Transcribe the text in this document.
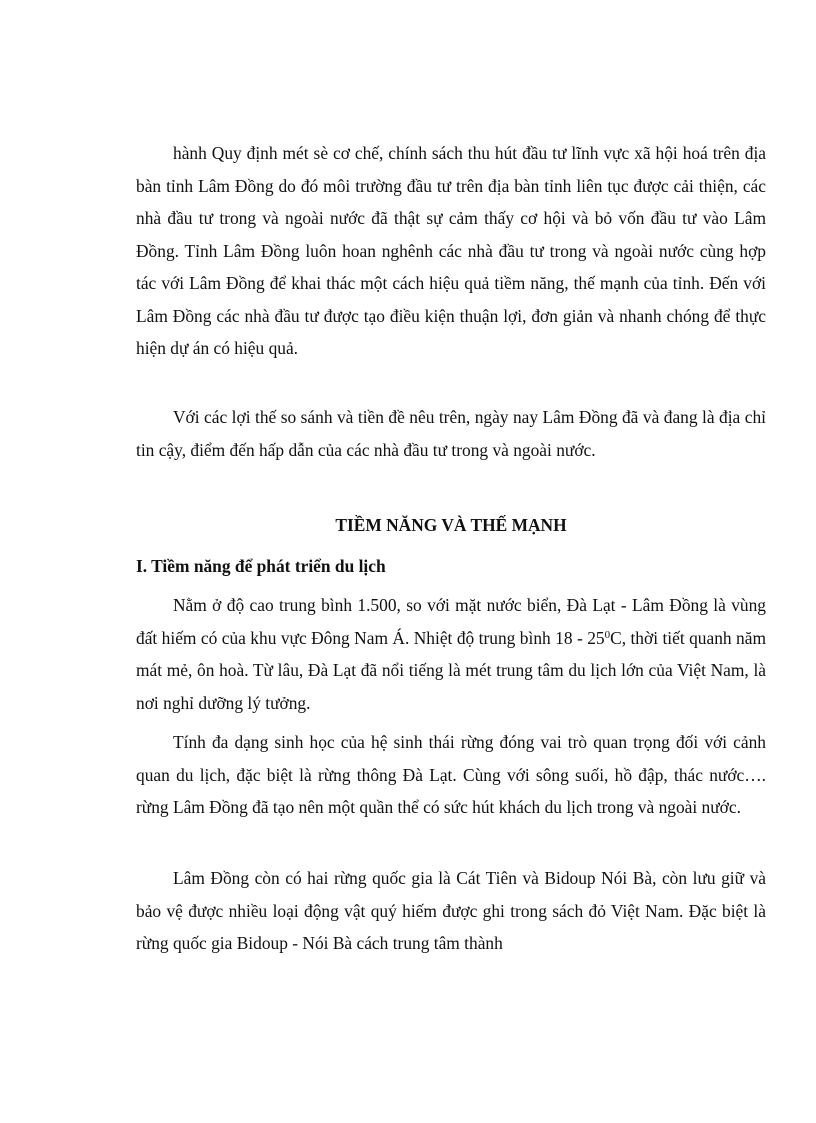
hành Quy định mét sè cơ chế, chính sách thu hút đầu tư lĩnh vực xã hội hoá trên địa bàn tỉnh Lâm Đồng do đó môi trường đầu tư trên địa bàn tỉnh liên tục được cải thiện, các nhà đầu tư trong và ngoài nước đã thật sự cảm thấy cơ hội và bỏ vốn đầu tư vào Lâm Đồng. Tỉnh Lâm Đồng luôn hoan nghênh các nhà đầu tư trong và ngoài nước cùng hợp tác với Lâm Đồng để khai thác một cách hiệu quả tiềm năng, thế mạnh của tỉnh. Đến với Lâm Đồng các nhà đầu tư được tạo điều kiện thuận lợi, đơn giản và nhanh chóng để thực hiện dự án có hiệu quả.

Với các lợi thế so sánh và tiền đề nêu trên, ngày nay Lâm Đồng đã và đang là địa chỉ tin cậy, điểm đến hấp dẫn của các nhà đầu tư trong và ngoài nước.

TIỀM NĂNG VÀ THẾ MẠNH

I. Tiềm năng để phát triển du lịch

Nằm ở độ cao trung bình 1.500, so với mặt nước biển, Đà Lạt - Lâm Đồng là vùng đất hiếm có của khu vực Đông Nam Á. Nhiệt độ trung bình $18 - 25^0C$, thời tiết quanh năm mát mẻ, ôn hoà. Từ lâu, Đà Lạt đã nổi tiếng là mét trung tâm du lịch lớn của Việt Nam, là nơi nghỉ dưỡng lý tưởng.

Tính đa dạng sinh học của hệ sinh thái rừng đóng vai trò quan trọng đối với cảnh quan du lịch, đặc biệt là rừng thông Đà Lạt. Cùng với sông suối, hồ đập, thác nước…. rừng Lâm Đồng đã tạo nên một quần thể có sức hút khách du lịch trong và ngoài nước.

Lâm Đồng còn có hai rừng quốc gia là Cát Tiên và Bidoup Nói Bà, còn lưu giữ và bảo vệ được nhiều loại động vật quý hiếm được ghi trong sách đỏ Việt Nam. Đặc biệt là rừng quốc gia Bidoup - Nói Bà cách trung tâm thành
